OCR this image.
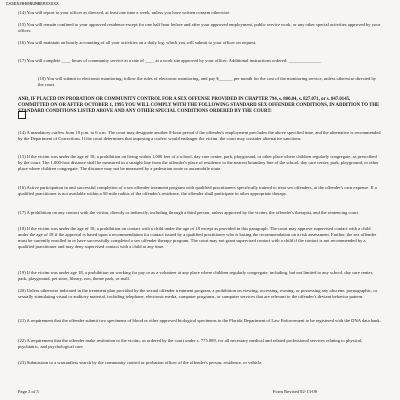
CASE53000NUMBERXXXXX
(14) You will report to your officer as directed, at least one time a week, unless you have written consent otherwise.
(15) You will remain confined to your approved residence except for one half hour before and after your approved employment, public service work, or any other special activities approved by your officer.
(16) You will maintain an hourly accounting of all your activities on a daily log, which you will submit to your officer on request.
(17) You will complete ____ hours of community service at a rate of ____ at a work site approved by your officer. Additional instructions ordered: ______________
(18) You will submit to electronic monitoring, follow the rules of electronic monitoring, and pay $______ per month for the cost of the monitoring service, unless otherwise directed by the court.
AND, IF PLACED ON PROBATION OR COMMUNITY CONTROL FOR A SEX OFFENSE PROVIDED IN CHAPTER 794, s. 800.04, s. 827.071, or s. 847.0145, COMMITTED ON OR AFTER OCTOBER 1, 1995 YOU WILL COMPLY WITH THE FOLLOWING STANDARD SEX OFFENDER CONDITIONS, IN ADDITION TO THE STANDARD CONDITIONS LISTED ABOVE AND ANY OTHER SPECIAL CONDITIONS ORDERED BY THE COURT:
(14) A mandatory curfew from 10 p.m. to 6 a.m. The court may designate another 8-hour period if the offender's employment precludes the above specified time, and the alternative is recommended by the Department of Corrections. If the court determines that imposing a curfew would endanger the victim, the court may consider alternative sanctions.
(15) If the victim was under the age of 18, a prohibition on living within 1,000 feet of a school, day care center, park, playground, or other place where children regularly congregate, as prescribed by the court. The 1,000-foot distance shall be measured in a straight line from the offender's place of residence to the nearest boundary line of the school, day care center, park, playground, or other place where children congregate. The distance may not be measured by a pedestrian route or automobile route.
(16) Active participation in and successful completion of a sex offender treatment program with qualified practitioners specifically trained to treat sex offenders, at the offender's own expense. If a qualified practitioner is not available within a 50-mile radius of the offender's residence, the offender shall participate in other appropriate therapy.
(17) A prohibition on any contact with the victim, directly or indirectly, including through a third person, unless approved by the victim, the offender's therapist, and the sentencing court.
(18) If the victim was under the age of 18, a prohibition on contact with a child under the age of 18 except as provided in this paragraph. The court may approve supervised contact with a child under the age of 18 if the approval is based upon a recommendation for contact issued by a qualified practitioner who is basing the recommendation on a risk assessment. Further, the sex offender must be currently enrolled in or have successfully completed a sex offender therapy program. The court may not grant supervised contact with a child if the contact is not recommended by a qualified practitioner and may deny supervised contact with a child at any time.
(19) If the victim was under age 18, a prohibition on working for pay or as a volunteer at any place where children regularly congregate, including, but not limited to any school, day care center, park, playground, pet store, library, zoo, theme park, or mall.
(20) Unless otherwise indicated in the treatment plan provided by the sexual offender treatment program, a prohibition on viewing, accessing, owning, or possessing any obscene, pornographic, or sexually stimulating visual or auditory material, including telephone, electronic media, computer programs, or computer services that are relevant to the offender's deviant behavior pattern.
(21) A requirement that the offender submit two specimens of blood or other approved biological specimens to the Florida Department of Law Enforcement to be registered with the DNA data bank.
(22) A requirement that the offender make restitution to the victim, as ordered by the court under s. 775.089, for all necessary medical and related professional services relating to physical, psychiatric, and psychological care.
(23) Submission to a warrantless search by the community control or probation officer of the offender's person, residence, or vehicle.
Page 3 of 5	Form Revised 02-13-08
